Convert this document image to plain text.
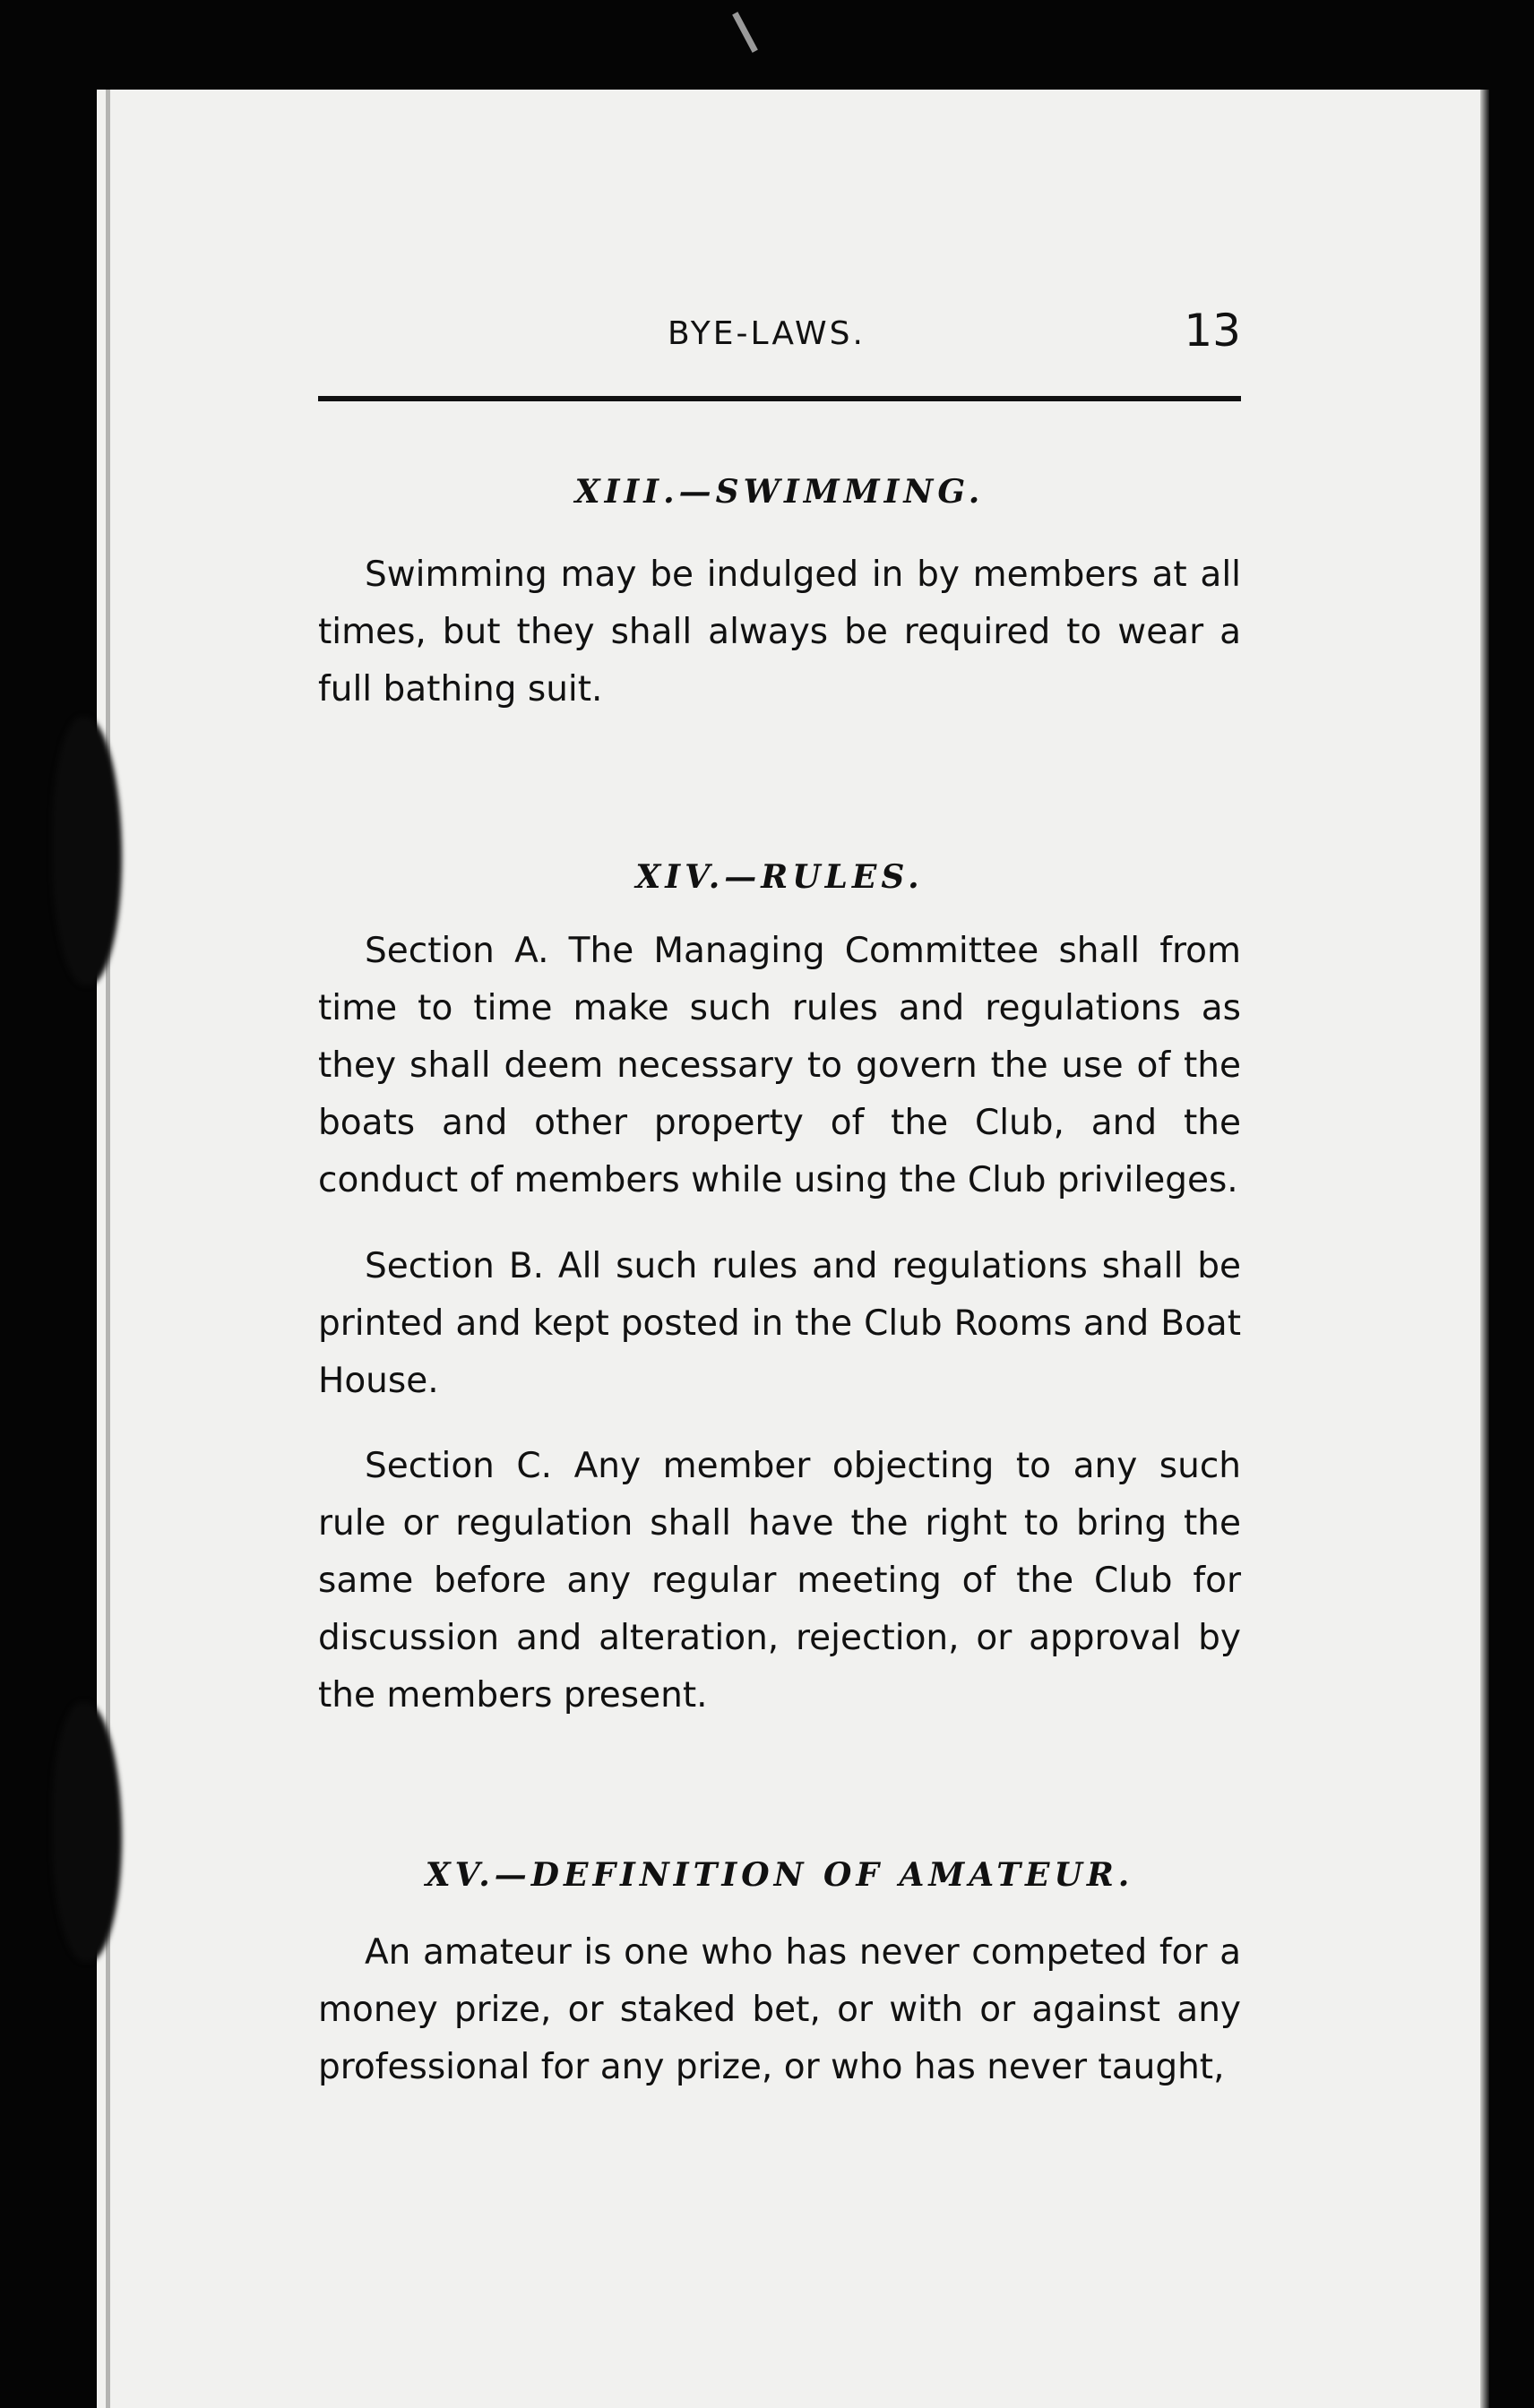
BYE-LAWS.	13
XIII.—SWIMMING.

Swimming may be indulged in by members at all times, but they shall always be required to wear a full bathing suit.

XIV.—RULES.

Section A. The Managing Committee shall from time to time make such rules and regulations as they shall deem necessary to govern the use of the boats and other property of the Club, and the conduct of members while using the Club privileges.

Section B. All such rules and regulations shall be printed and kept posted in the Club Rooms and Boat House.

Section C. Any member objecting to any such rule or regulation shall have the right to bring the same before any regular meeting of the Club for discussion and alteration, rejection, or approval by the members present.

XV.—DEFINITION OF AMATEUR.

An amateur is one who has never competed for a money prize, or staked bet, or with or against any professional for any prize, or who has never taught,
